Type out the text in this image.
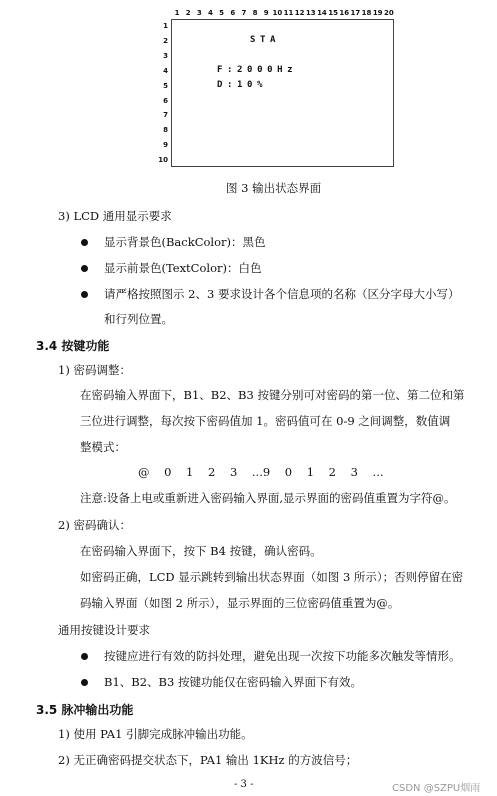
1 2 3 4 5 6 7 8 9 10 11 12 13 14 15 16 17 18 19 20
1
2
3
4
5
6
7
8
9
10
STA
F:2000Hz
D:10%
图 3 输出状态界面
3) LCD 通用显示要求
显示背景色(BackColor)：黑色
显示前景色(TextColor)：白色
请严格按照图示 2、3 要求设计各个信息项的名称（区分字母大小写）
和行列位置。
3.4 按键功能
1) 密码调整：
在密码输入界面下，B1、B2、B3 按键分别可对密码的第一位、第二位和第
三位进行调整，每次按下密码值加 1。密码值可在 0-9 之间调整，数值调
整模式：
@    0    1    2    3    ...9    0    1    2    3    ...
注意:设备上电或重新进入密码输入界面,显示界面的密码值重置为字符@。
2) 密码确认：
在密码输入界面下，按下 B4 按键，确认密码。
如密码正确，LCD 显示跳转到输出状态界面（如图 3 所示）；否则停留在密
码输入界面（如图 2 所示），显示界面的三位密码值重置为@。
通用按键设计要求
按键应进行有效的防抖处理，避免出现一次按下功能多次触发等情形。
B1、B2、B3 按键功能仅在密码输入界面下有效。
3.5 脉冲输出功能
1) 使用 PA1 引脚完成脉冲输出功能。
2) 无正确密码提交状态下，PA1 输出 1KHz 的方波信号；
- 3 -	CSDN @SZPU烟雨
